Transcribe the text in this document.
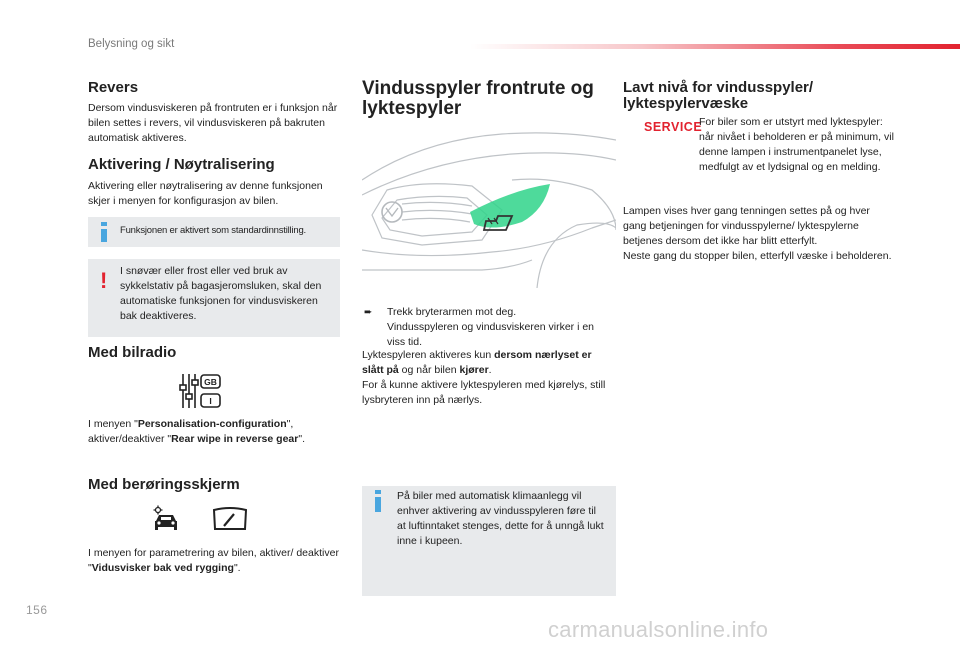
Belysning og sikt
Revers

Dersom vindusviskeren på frontruten er i funksjon når bilen settes i revers, vil vindusviskeren på bakruten automatisk aktiveres.

Aktivering / Nøytralisering

Aktivering eller nøytralisering av denne funksjonen skjer i menyen for konfigurasjon av bilen.

Funksjonen er aktivert som standardinnstilling.
! I snøvær eller frost eller ved bruk av sykkelstativ på bagasjeromsluken, skal den automatiske funksjonen for vindusviskeren bak deaktiveres.

Med bilradio
GB
I

I menyen "Personalisation-configuration", aktiver/deaktiver "Rear wipe in reverse gear".

Med berøringsskjerm

I menyen for parametrering av bilen, aktiver/ deaktiver "Vidusvisker bak ved rygging".

Vindusspyler frontrute og
lyktespyler
➨	Trekk bryterarmen mot deg.
Vindusspyleren og vindusviskeren virker i en viss tid.

Lyktespyleren aktiveres kun dersom nærlyset er slått på og når bilen kjører.
For å kunne aktivere lyktespyleren med kjørelys, still lysbryteren inn på nærlys.

På biler med automatisk klimaanlegg vil enhver aktivering av vindusspyleren føre til at luftinntaket stenges, dette for å unngå lukt inne i kupeen.

Lavt nivå for vindusspyler/
lyktespylervæske
SERVICE

For biler som er utstyrt med lyktespyler: når nivået i beholderen er på minimum, vil denne lampen i instrumentpanelet lyse, medfulgt av et lydsignal og en melding.

Lampen vises hver gang tenningen settes på og hver gang betjeningen for vindusspylerne/ lyktespylerne betjenes dersom det ikke har blitt etterfylt.
Neste gang du stopper bilen, etterfyll væske i beholderen.

156
carmanualsonline.info
